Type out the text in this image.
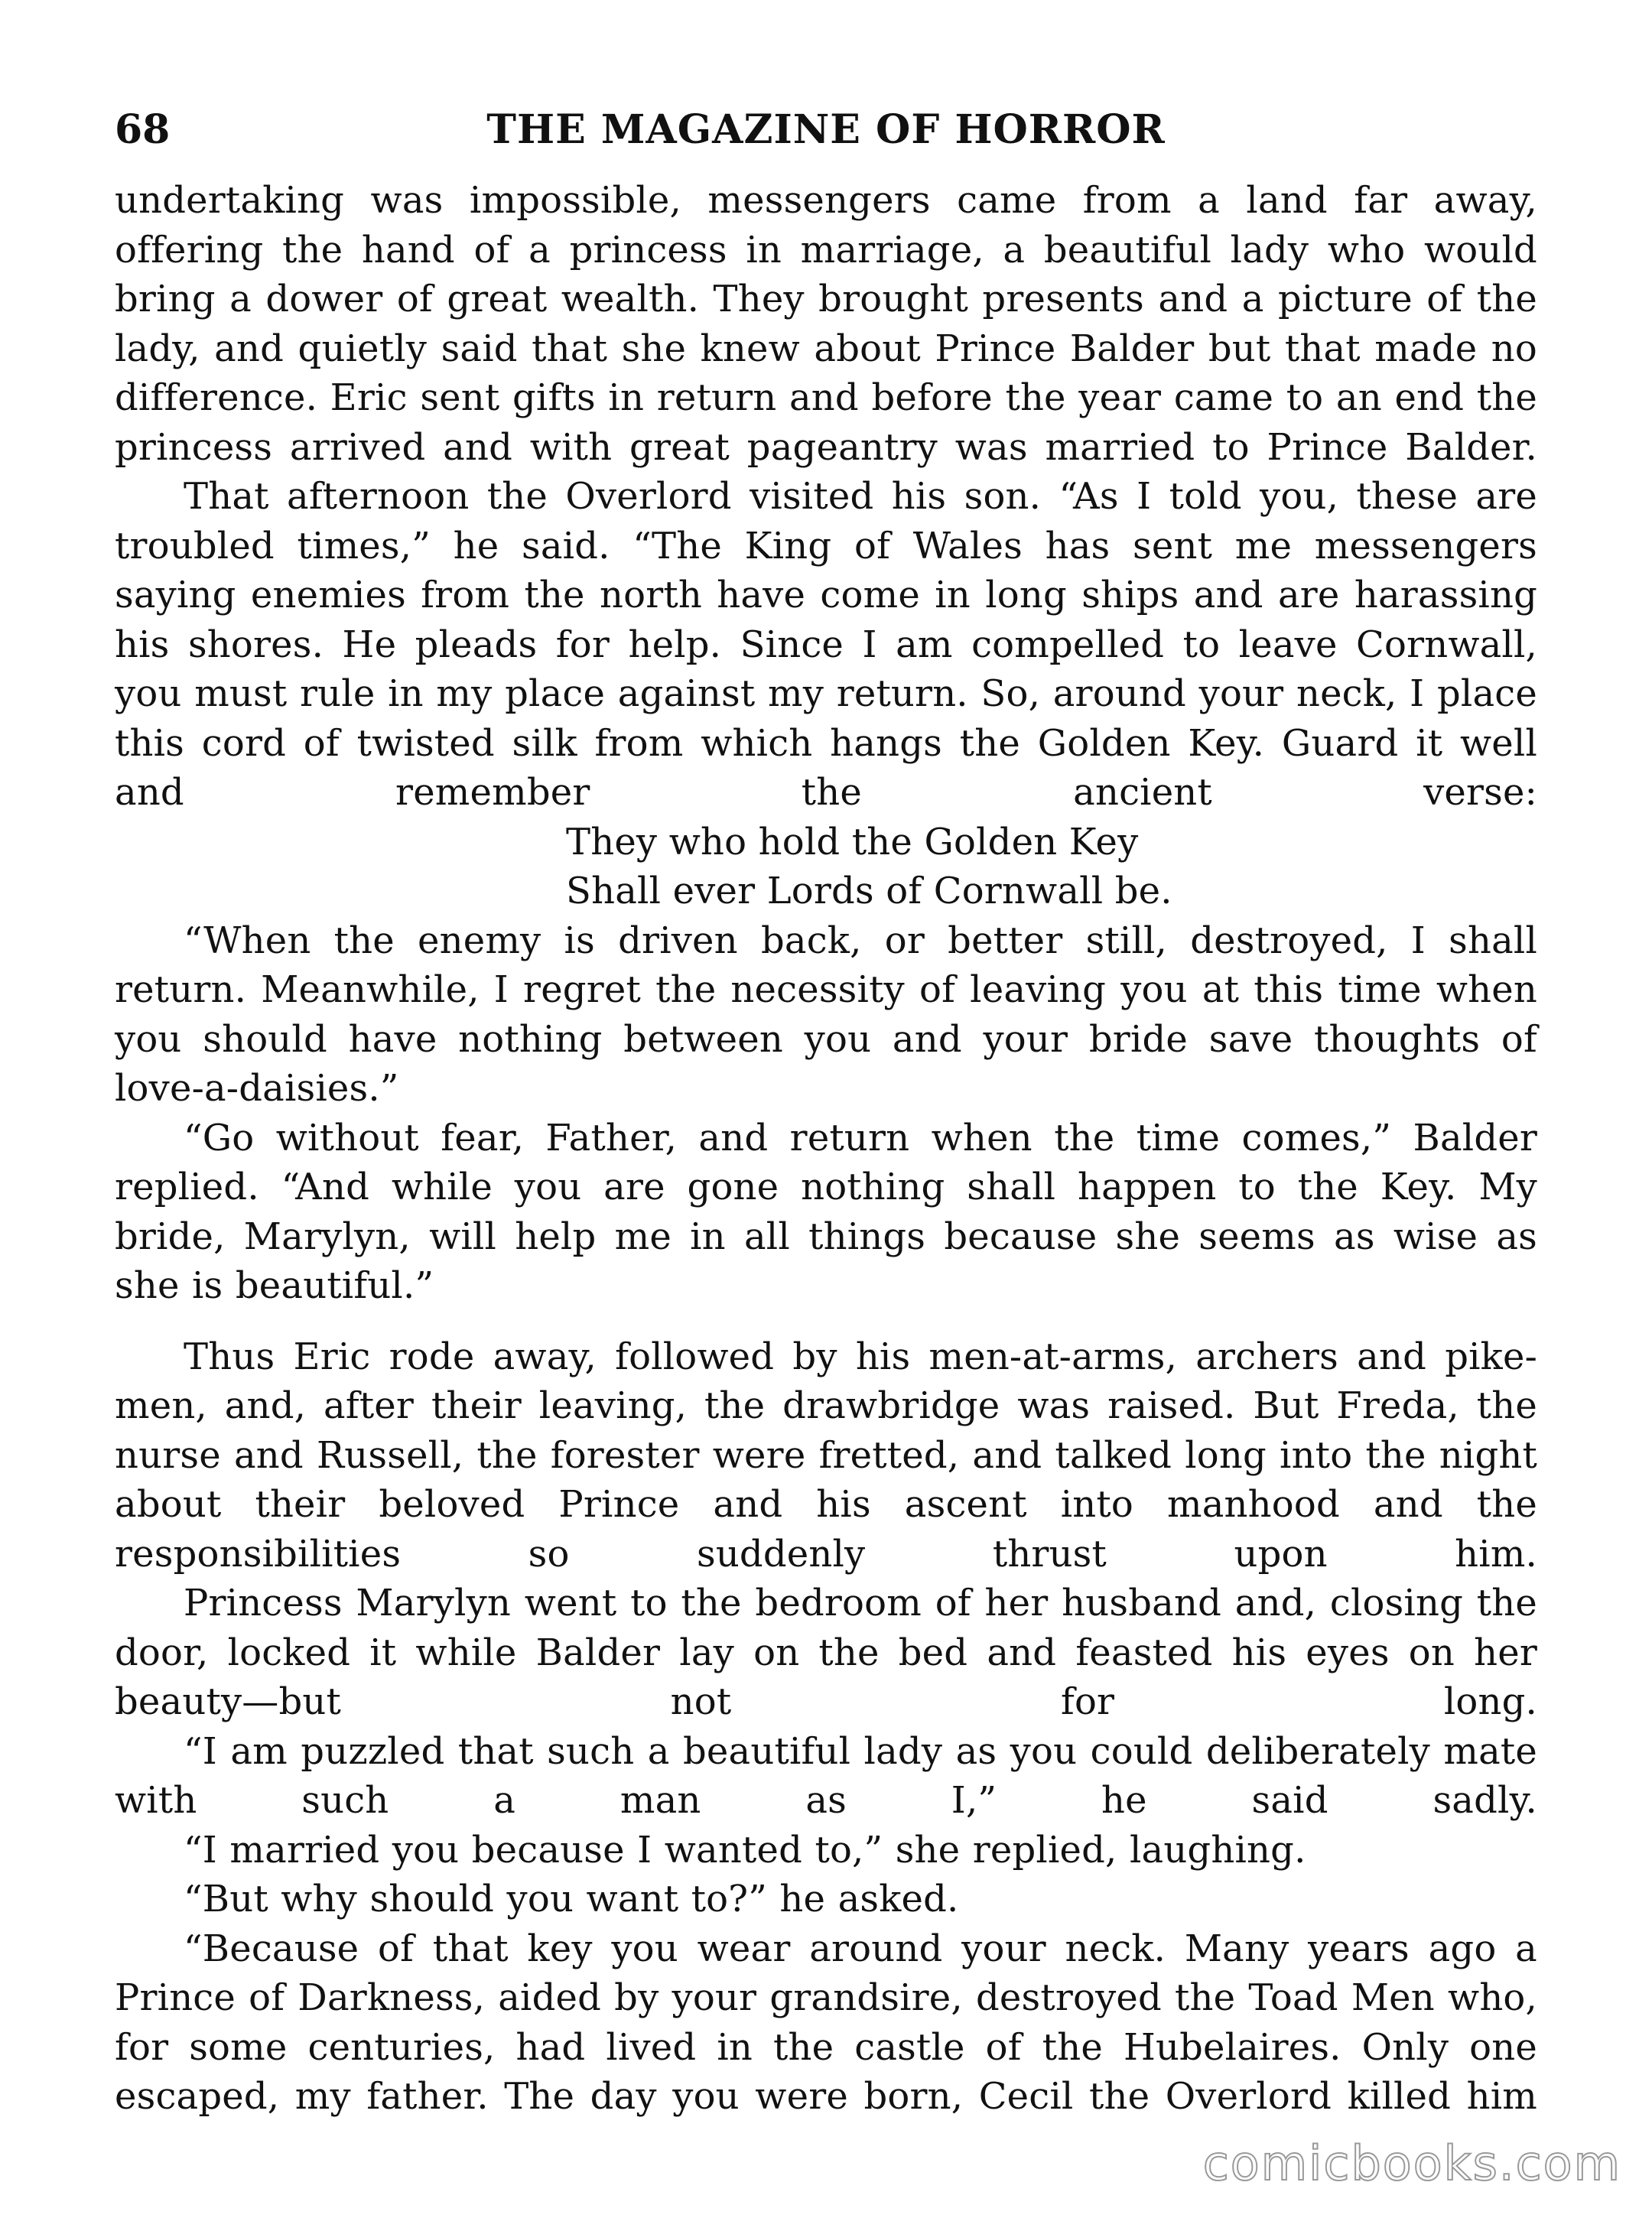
68	THE MAGAZINE OF HORROR

undertaking was impossible, messengers came from a land far away, offering the hand of a princess in marriage, a beautiful lady who would bring a dower of great wealth. They brought presents and a picture of the lady, and quietly said that she knew about Prince Balder but that made no difference. Eric sent gifts in return and before the year came to an end the princess arrived and with great pageantry was married to Prince Balder.

That afternoon the Overlord visited his son. “As I told you, these are troubled times,” he said. “The King of Wales has sent me messengers saying enemies from the north have come in long ships and are harassing his shores. He pleads for help. Since I am compelled to leave Cornwall, you must rule in my place against my return. So, around your neck, I place this cord of twisted silk from which hangs the Golden Key. Guard it well and remember the ancient verse:

They who hold the Golden Key
Shall ever Lords of Cornwall be.

“When the enemy is driven back, or better still, destroyed, I shall return. Meanwhile, I regret the necessity of leaving you at this time when you should have nothing between you and your bride save thoughts of love-a-daisies.”

“Go without fear, Father, and return when the time comes,” Balder replied. “And while you are gone nothing shall happen to the Key. My bride, Marylyn, will help me in all things because she seems as wise as she is beautiful.”

Thus Eric rode away, followed by his men-at-arms, archers and pike-men, and, after their leaving, the drawbridge was raised. But Freda, the nurse and Russell, the forester were fretted, and talked long into the night about their beloved Prince and his ascent into manhood and the responsibilities so suddenly thrust upon him.

Princess Marylyn went to the bedroom of her husband and, closing the door, locked it while Balder lay on the bed and feasted his eyes on her beauty—but not for long.

“I am puzzled that such a beautiful lady as you could deliberately mate with such a man as I,” he said sadly.

“I married you because I wanted to,” she replied, laughing.

“But why should you want to?” he asked.

“Because of that key you wear around your neck. Many years ago a Prince of Darkness, aided by your grandsire, destroyed the Toad Men who, for some centuries, had lived in the castle of the Hubelaires. Only one escaped, my father. The day you were born, Cecil the Overlord killed him

comicbooks.com
